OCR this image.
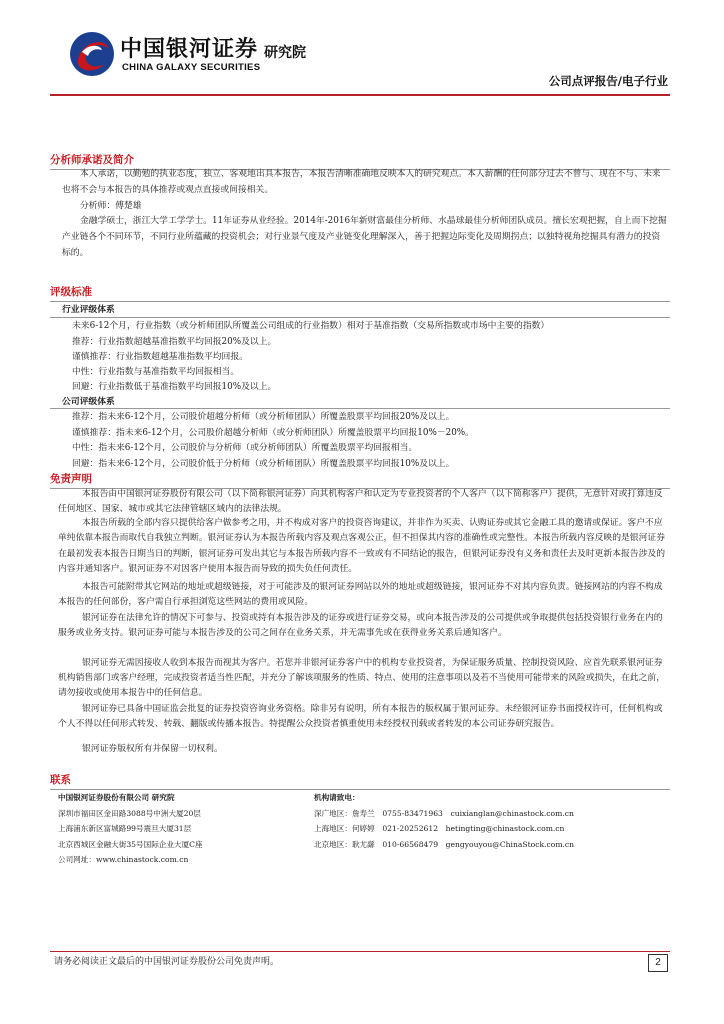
中国银河证券
CHINA GALAXY SECURITIES
研究院
公司点评报告/电子行业
分析师承诺及简介
本人承诺，以勤勉的执业态度，独立、客观地出具本报告，本报告清晰准确地反映本人的研究观点。本人薪酬的任何部分过去不曾与、现在不与、未来也将不会与本报告的具体推荐或观点直接或间接相关。
分析师：傅楚雄
金融学硕士，浙江大学工学学士。11年证券从业经验。2014年-2016年新财富最佳分析师、水晶球最佳分析师团队成员。擅长宏观把握，自上而下挖掘产业链各个不同环节，不同行业所蕴藏的投资机会；对行业景气度及产业链变化理解深入，善于把握边际变化及周期拐点；以独特视角挖掘具有潜力的投资标的。
评级标准
行业评级体系
未来6-12个月，行业指数（或分析师团队所覆盖公司组成的行业指数）相对于基准指数（交易所指数或市场中主要的指数）
推荐：行业指数超越基准指数平均回报20%及以上。
谨慎推荐：行业指数超越基准指数平均回报。
中性：行业指数与基准指数平均回报相当。
回避：行业指数低于基准指数平均回报10%及以上。
公司评级体系
推荐：指未来6-12个月，公司股价超越分析师（或分析师团队）所覆盖股票平均回报20%及以上。
谨慎推荐：指未来6-12个月，公司股价超越分析师（或分析师团队）所覆盖股票平均回报10%－20%。
中性：指未来6-12个月，公司股价与分析师（或分析师团队）所覆盖股票平均回报相当。
回避：指未来6-12个月，公司股价低于分析师（或分析师团队）所覆盖股票平均回报10%及以上。
免责声明
本报告由中国银河证券股份有限公司（以下简称银河证券）向其机构客户和认定为专业投资者的个人客户（以下简称客户）提供，无意针对或打算违反任何地区、国家、城市或其它法律管辖区域内的法律法规。
本报告所载的全部内容只提供给客户做参考之用，并不构成对客户的投资咨询建议，并非作为买卖、认购证券或其它金融工具的邀请或保证。客户不应单纯依靠本报告而取代自我独立判断。银河证券认为本报告所载内容及观点客观公正，但不担保其内容的准确性或完整性。本报告所载内容反映的是银河证券在最初发表本报告日期当日的判断，银河证券可发出其它与本报告所载内容不一致或有不同结论的报告，但银河证券没有义务和责任去及时更新本报告涉及的内容并通知客户。银河证券不对因客户使用本报告而导致的损失负任何责任。
本报告可能附带其它网站的地址或超级链接，对于可能涉及的银河证券网站以外的地址或超级链接，银河证券不对其内容负责。链接网站的内容不构成本报告的任何部份，客户需自行承担浏览这些网站的费用或风险。
银河证券在法律允许的情况下可参与、投资或持有本报告涉及的证券或进行证券交易，或向本报告涉及的公司提供或争取提供包括投资银行业务在内的服务或业务支持。银河证券可能与本报告涉及的公司之间存在业务关系，并无需事先或在获得业务关系后通知客户。
银河证券无需因接收人收到本报告而视其为客户。若您并非银河证券客户中的机构专业投资者，为保证服务质量、控制投资风险、应首先联系银河证券机构销售部门或客户经理，完成投资者适当性匹配，并充分了解该项服务的性质、特点、使用的注意事项以及若不当使用可能带来的风险或损失，在此之前，请勿接收或使用本报告中的任何信息。
银河证券已具备中国证监会批复的证券投资咨询业务资格。除非另有说明，所有本报告的版权属于银河证券。未经银河证券书面授权许可，任何机构或个人不得以任何形式转发、转载、翻版或传播本报告。特提醒公众投资者慎重使用未经授权刊载或者转发的本公司证券研究报告。
银河证券版权所有并保留一切权利。
联系
中国银河证券股份有限公司 研究院
深圳市福田区金田路3088号中洲大厦20层
上海浦东新区富城路99号震旦大厦31层
北京西城区金融大街35号国际企业大厦C座
公司网址：www.chinastock.com.cn
机构请致电：
深广地区：詹寿兰　0755-83471963　cuixianglan@chinastock.com.cn
上海地区：何婷婷　021-20252612　hetingting@chinastock.com.cn
北京地区：耿尤繇　010-66568479　gengyouyou@ChinaStock.com.cn
请务必阅读正文最后的中国银河证券股份公司免责声明。	2
